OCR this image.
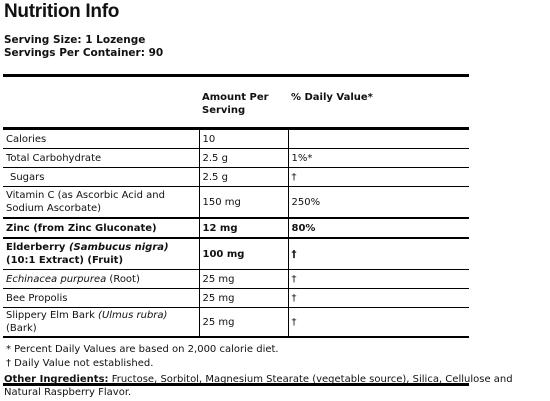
Nutrition Info
Serving Size: 1 Lozenge
Servings Per Container: 90
	Amount Per Serving	% Daily Value*
Calories	10	
Total Carbohydrate	2.5 g	1%*
Sugars	2.5 g	†
Vitamin C (as Ascorbic Acid and Sodium Ascorbate)	150 mg	250%
Zinc (from Zinc Gluconate)	12 mg	80%
Elderberry (Sambucus nigra) (10:1 Extract) (Fruit)	100 mg	†
Echinacea purpurea (Root)	25 mg	†
Bee Propolis	25 mg	†
Slippery Elm Bark (Ulmus rubra) (Bark)	25 mg	†

* Percent Daily Values are based on 2,000 calorie diet.
† Daily Value not established.		
Other Ingredients: Fructose, Sorbitol, Magnesium Stearate (vegetable source), Silica, Cellulose and Natural Raspberry Flavor.
